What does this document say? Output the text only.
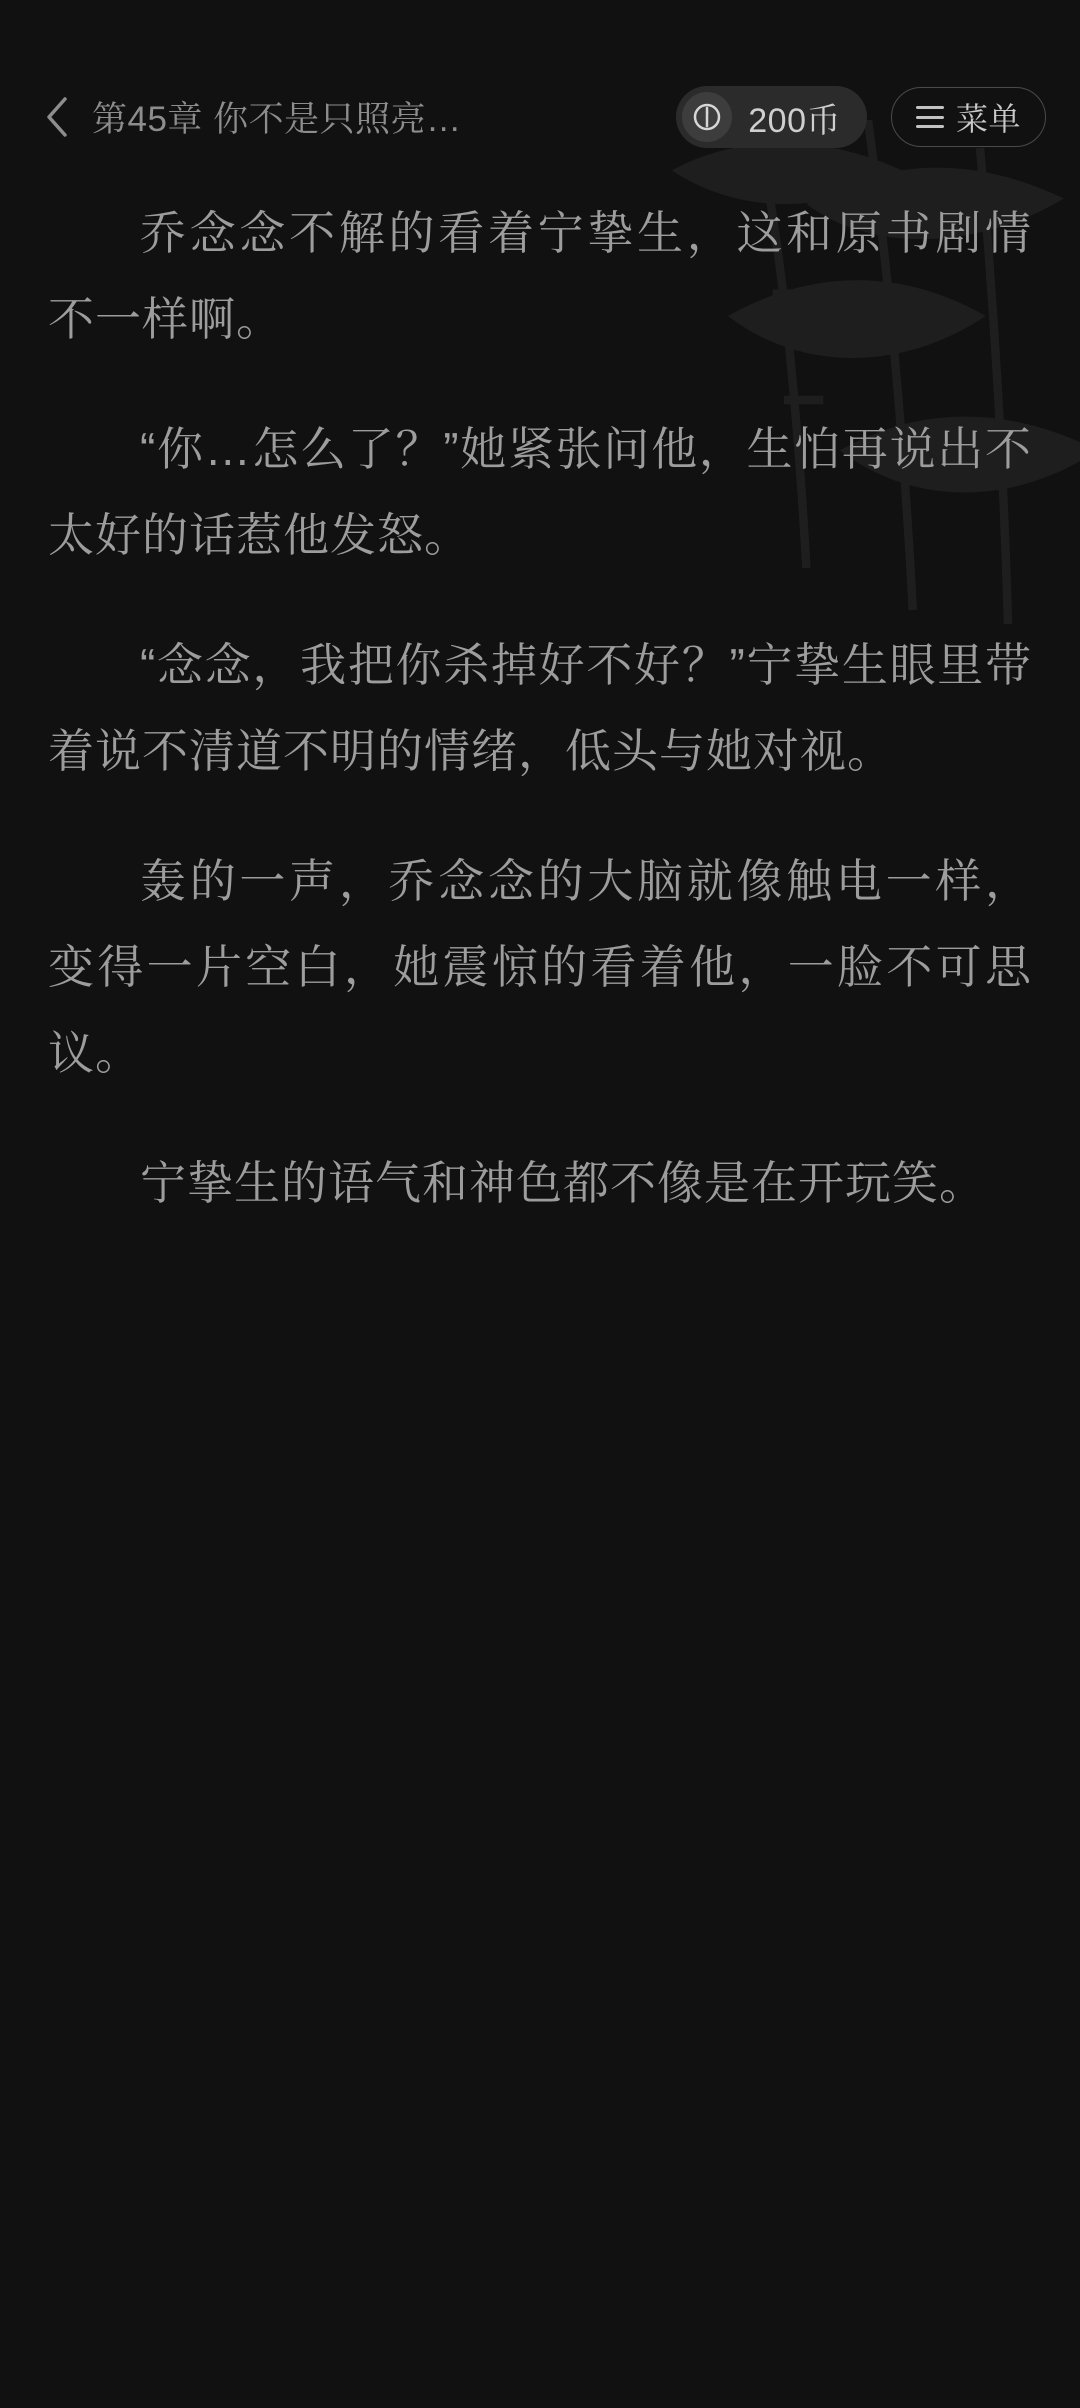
第45章 你不是只照亮…	200币	菜单

乔念念不解的看着宁挚生，这和原书剧情不一样啊。

“你…怎么了？”她紧张问他，生怕再说出不太好的话惹他发怒。

“念念，我把你杀掉好不好？”宁挚生眼里带着说不清道不明的情绪，低头与她对视。

轰的一声，乔念念的大脑就像触电一样，变得一片空白，她震惊的看着他，一脸不可思议。

宁挚生的语气和神色都不像是在开玩笑。
